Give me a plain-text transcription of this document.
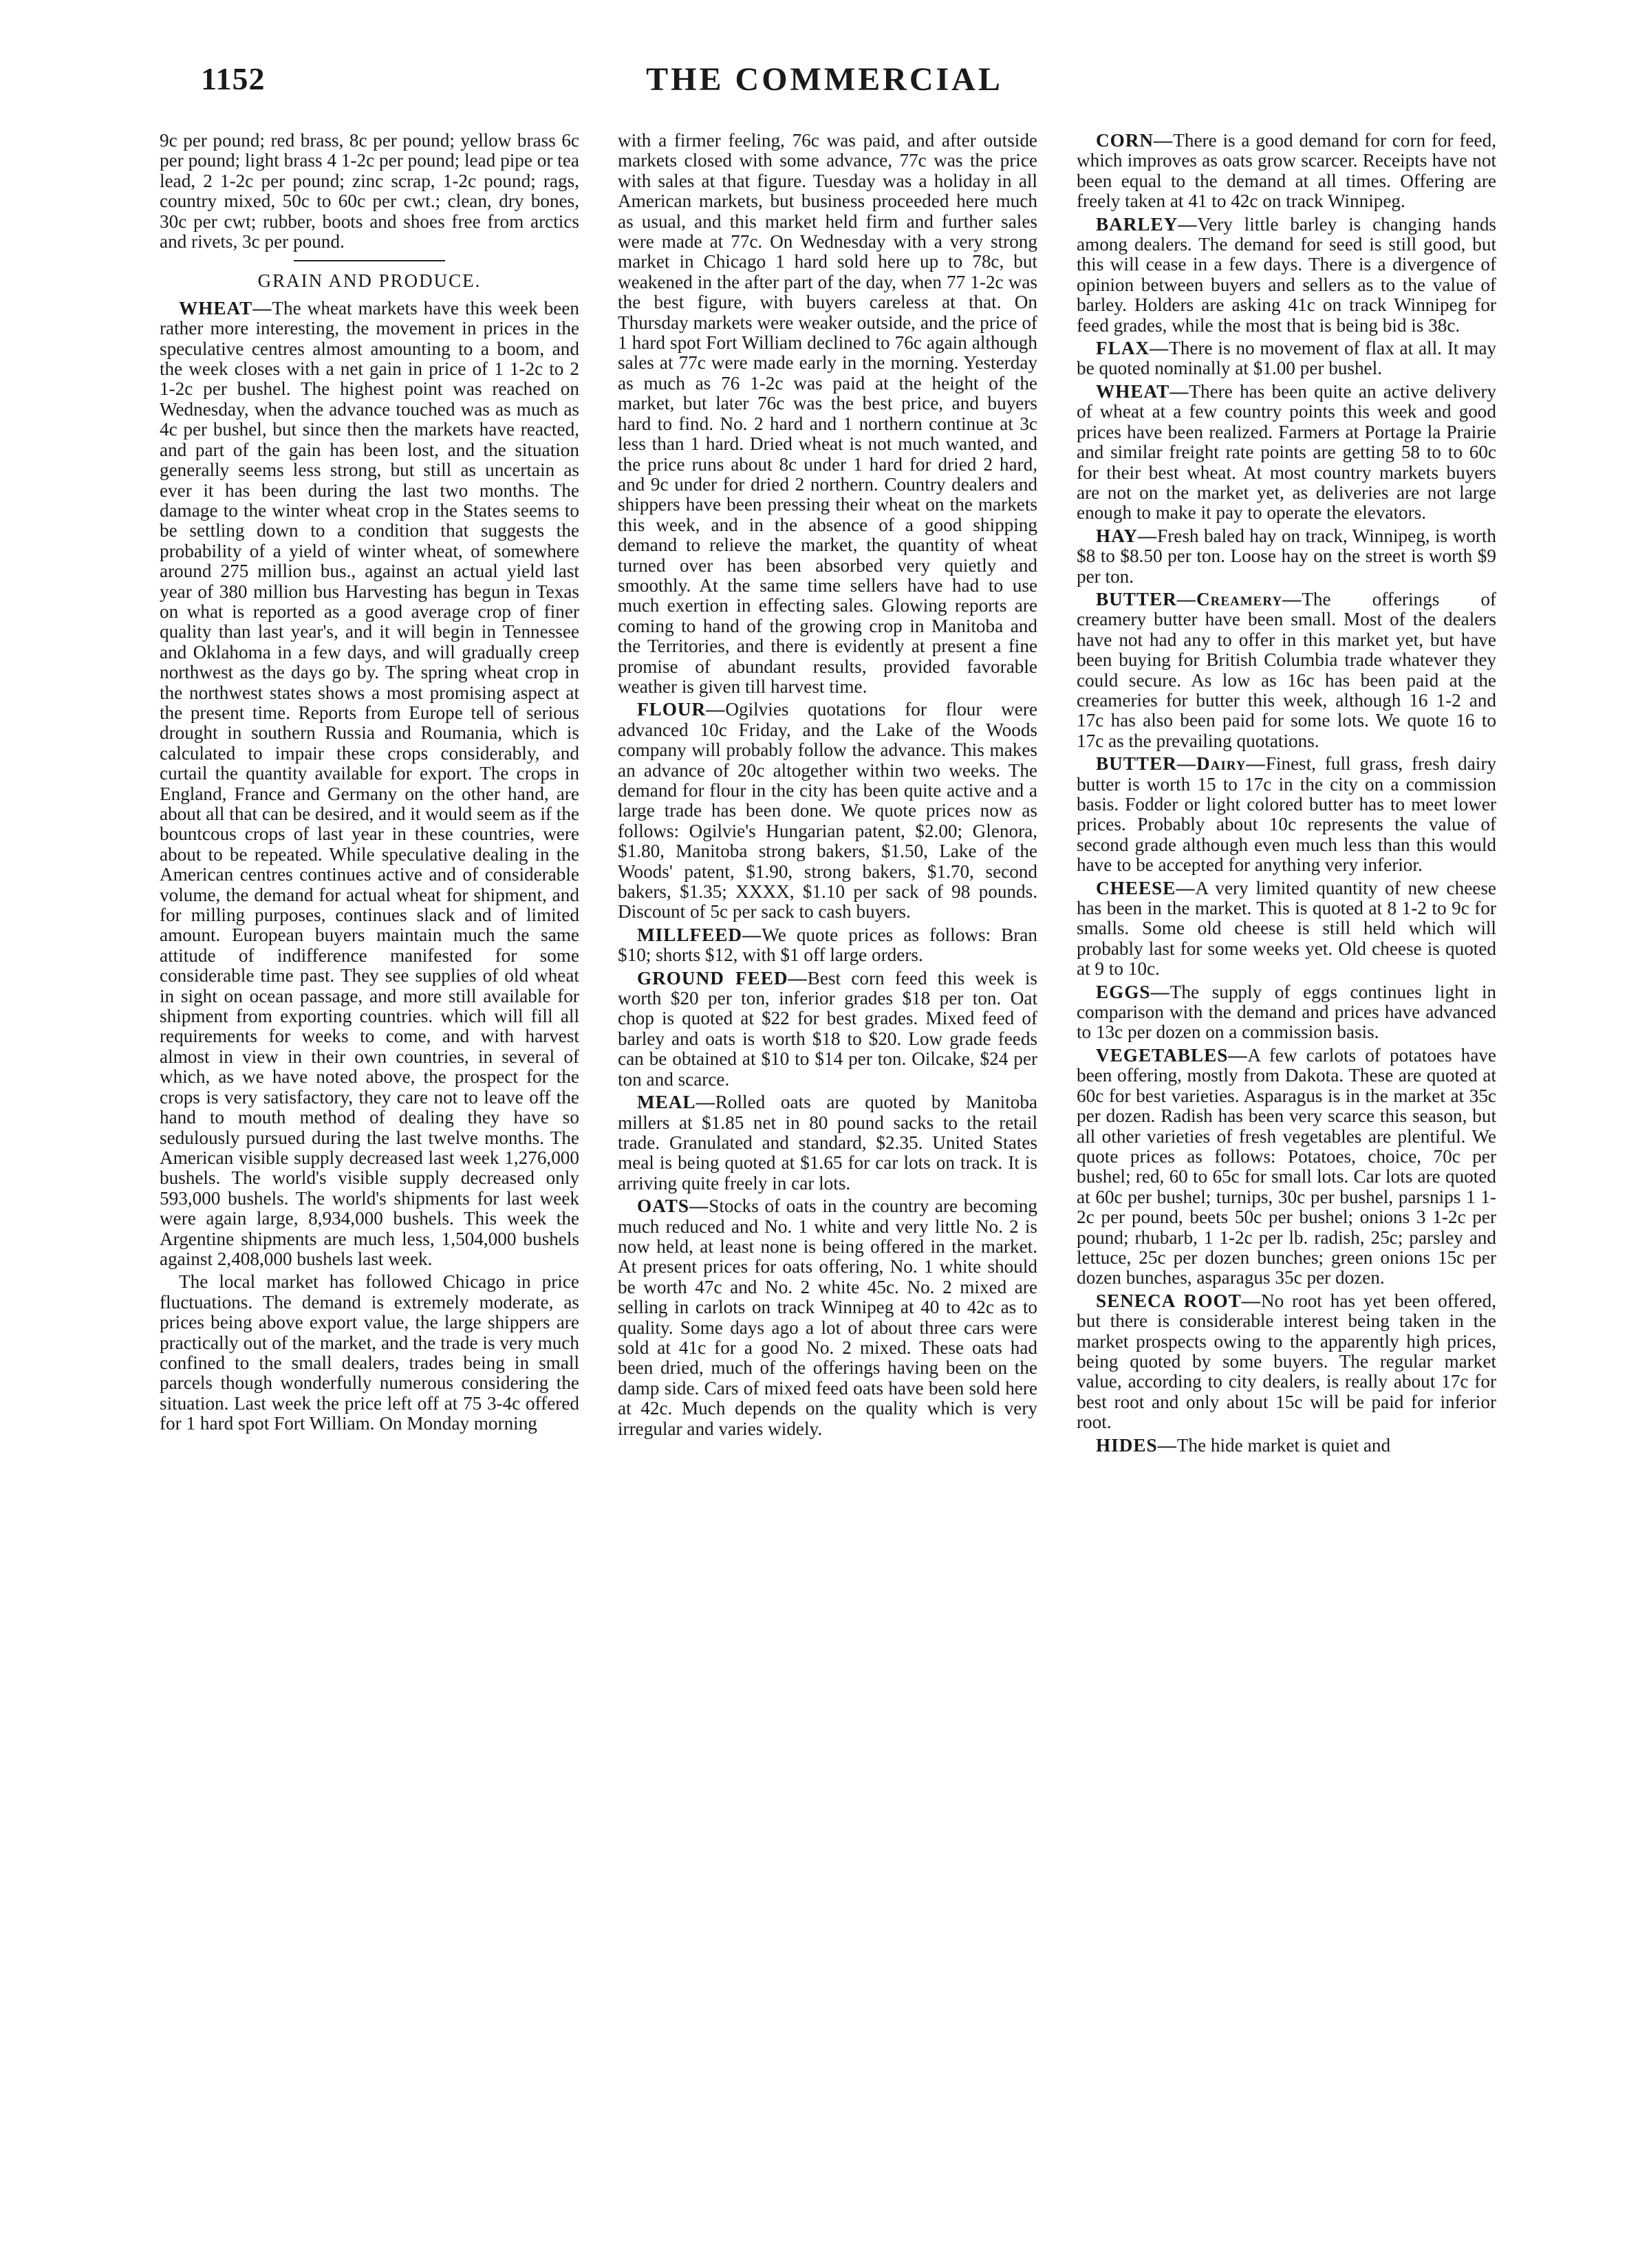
THE COMMERCIAL
1152

9c per pound; red brass, 8c per pound; yellow brass 6c per pound; light brass 4 1-2c per pound; lead pipe or tea lead, 2 1-2c per pound; zinc scrap, 1-2c pound; rags, country mixed, 50c to 60c per cwt.; clean, dry bones, 30c per cwt; rubber, boots and shoes free from arctics and rivets, 3c per pound.

GRAIN AND PRODUCE.

WHEAT—The wheat markets have this week been rather more interesting, the movement in prices in the speculative centres almost amounting to a boom, and the week closes with a net gain in price of 1 1-2c to 2 1-2c per bushel. The highest point was reached on Wednesday, when the advance touched was as much as 4c per bushel, but since then the markets have reacted, and part of the gain has been lost, and the situation generally seems less strong, but still as uncertain as ever it has been during the last two months. The damage to the winter wheat crop in the States seems to be settling down to a condition that suggests the probability of a yield of winter wheat, of somewhere around 275 million bus., against an actual yield last year of 380 million bus Harvesting has begun in Texas on what is reported as a good average crop of finer quality than last year's, and it will begin in Tennessee and Oklahoma in a few days, and will gradually creep northwest as the days go by. The spring wheat crop in the northwest states shows a most promising aspect at the present time. Reports from Europe tell of serious drought in southern Russia and Roumania, which is calculated to impair these crops considerably, and curtail the quantity available for export. The crops in England, France and Germany on the other hand, are about all that can be desired, and it would seem as if the bountcous crops of last year in these countries, were about to be repeated. While speculative dealing in the American centres continues active and of considerable volume, the demand for actual wheat for shipment, and for milling purposes, continues slack and of limited amount. European buyers maintain much the same attitude of indifference manifested for some considerable time past. They see supplies of old wheat in sight on ocean passage, and more still available for shipment from exporting countries. which will fill all requirements for weeks to come, and with harvest almost in view in their own countries, in several of which, as we have noted above, the prospect for the crops is very satisfactory, they care not to leave off the hand to mouth method of dealing they have so sedulously pursued during the last twelve months. The American visible supply decreased last week 1,276,000 bushels. The world's visible supply decreased only 593,000 bushels. The world's shipments for last week were again large, 8,934,000 bushels. This week the Argentine shipments are much less, 1,504,000 bushels against 2,408,000 bushels last week.

The local market has followed Chicago in price fluctuations. The demand is extremely moderate, as prices being above export value, the large shippers are practically out of the market, and the trade is very much confined to the small dealers, trades being in small parcels though wonderfully numerous considering the situation. Last week the price left off at 75 3-4c offered for 1 hard spot Fort William. On Monday morning

with a firmer feeling, 76c was paid, and after outside markets closed with some advance, 77c was the price with sales at that figure. Tuesday was a holiday in all American markets, but business proceeded here much as usual, and this market held firm and further sales were made at 77c. On Wednesday with a very strong market in Chicago 1 hard sold here up to 78c, but weakened in the after part of the day, when 77 1-2c was the best figure, with buyers careless at that. On Thursday markets were weaker outside, and the price of 1 hard spot Fort William declined to 76c again although sales at 77c were made early in the morning. Yesterday as much as 76 1-2c was paid at the height of the market, but later 76c was the best price, and buyers hard to find. No. 2 hard and 1 northern continue at 3c less than 1 hard. Dried wheat is not much wanted, and the price runs about 8c under 1 hard for dried 2 hard, and 9c under for dried 2 northern. Country dealers and shippers have been pressing their wheat on the markets this week, and in the absence of a good shipping demand to relieve the market, the quantity of wheat turned over has been absorbed very quietly and smoothly. At the same time sellers have had to use much exertion in effecting sales. Glowing reports are coming to hand of the growing crop in Manitoba and the Territories, and there is evidently at present a fine promise of abundant results, provided favorable weather is given till harvest time.

FLOUR—Ogilvies quotations for flour were advanced 10c Friday, and the Lake of the Woods company will probably follow the advance. This makes an advance of 20c altogether within two weeks. The demand for flour in the city has been quite active and a large trade has been done. We quote prices now as follows: Ogilvie's Hungarian patent, $2.00; Glenora, $1.80, Manitoba strong bakers, $1.50, Lake of the Woods' patent, $1.90, strong bakers, $1.70, second bakers, $1.35; XXXX, $1.10 per sack of 98 pounds. Discount of 5c per sack to cash buyers.

MILLFEED—We quote prices as follows: Bran $10; shorts $12, with $1 off large orders.

GROUND FEED—Best corn feed this week is worth $20 per ton, inferior grades $18 per ton. Oat chop is quoted at $22 for best grades. Mixed feed of barley and oats is worth $18 to $20. Low grade feeds can be obtained at $10 to $14 per ton. Oilcake, $24 per ton and scarce.

MEAL—Rolled oats are quoted by Manitoba millers at $1.85 net in 80 pound sacks to the retail trade. Granulated and standard, $2.35. United States meal is being quoted at $1.65 for car lots on track. It is arriving quite freely in car lots.

OATS—Stocks of oats in the country are becoming much reduced and No. 1 white and very little No. 2 is now held, at least none is being offered in the market. At present prices for oats offering, No. 1 white should be worth 47c and No. 2 white 45c. No. 2 mixed are selling in carlots on track Winnipeg at 40 to 42c as to quality. Some days ago a lot of about three cars were sold at 41c for a good No. 2 mixed. These oats had been dried, much of the offerings having been on the damp side. Cars of mixed feed oats have been sold here at 42c. Much depends on the quality which is very irregular and varies widely.

CORN—There is a good demand for corn for feed, which improves as oats grow scarcer. Receipts have not been equal to the demand at all times. Offering are freely taken at 41 to 42c on track Winnipeg.

BARLEY—Very little barley is changing hands among dealers. The demand for seed is still good, but this will cease in a few days. There is a divergence of opinion between buyers and sellers as to the value of barley. Holders are asking 41c on track Winnipeg for feed grades, while the most that is being bid is 38c.

FLAX—There is no movement of flax at all. It may be quoted nominally at $1.00 per bushel.

WHEAT—There has been quite an active delivery of wheat at a few country points this week and good prices have been realized. Farmers at Portage la Prairie and similar freight rate points are getting 58 to to 60c for their best wheat. At most country markets buyers are not on the market yet, as deliveries are not large enough to make it pay to operate the elevators.

HAY—Fresh baled hay on track, Winnipeg, is worth $8 to $8.50 per ton. Loose hay on the street is worth $9 per ton.

BUTTER—Creamery—The offerings of creamery butter have been small. Most of the dealers have not had any to offer in this market yet, but have been buying for British Columbia trade whatever they could secure. As low as 16c has been paid at the creameries for butter this week, although 16 1-2 and 17c has also been paid for some lots. We quote 16 to 17c as the prevailing quotations.

BUTTER—Dairy—Finest, full grass, fresh dairy butter is worth 15 to 17c in the city on a commission basis. Fodder or light colored butter has to meet lower prices. Probably about 10c represents the value of second grade although even much less than this would have to be accepted for anything very inferior.

CHEESE—A very limited quantity of new cheese has been in the market. This is quoted at 8 1-2 to 9c for smalls. Some old cheese is still held which will probably last for some weeks yet. Old cheese is quoted at 9 to 10c.

EGGS—The supply of eggs continues light in comparison with the demand and prices have advanced to 13c per dozen on a commission basis.

VEGETABLES—A few carlots of potatoes have been offering, mostly from Dakota. These are quoted at 60c for best varieties. Asparagus is in the market at 35c per dozen. Radish has been very scarce this season, but all other varieties of fresh vegetables are plentiful. We quote prices as follows: Potatoes, choice, 70c per bushel; red, 60 to 65c for small lots. Car lots are quoted at 60c per bushel; turnips, 30c per bushel, parsnips 1 1-2c per pound, beets 50c per bushel; onions 3 1-2c per pound; rhubarb, 1 1-2c per lb. radish, 25c; parsley and lettuce, 25c per dozen bunches; green onions 15c per dozen bunches, asparagus 35c per dozen.

SENECA ROOT—No root has yet been offered, but there is considerable interest being taken in the market prospects owing to the apparently high prices, being quoted by some buyers. The regular market value, according to city dealers, is really about 17c for best root and only about 15c will be paid for inferior root.

HIDES—The hide market is quiet and
